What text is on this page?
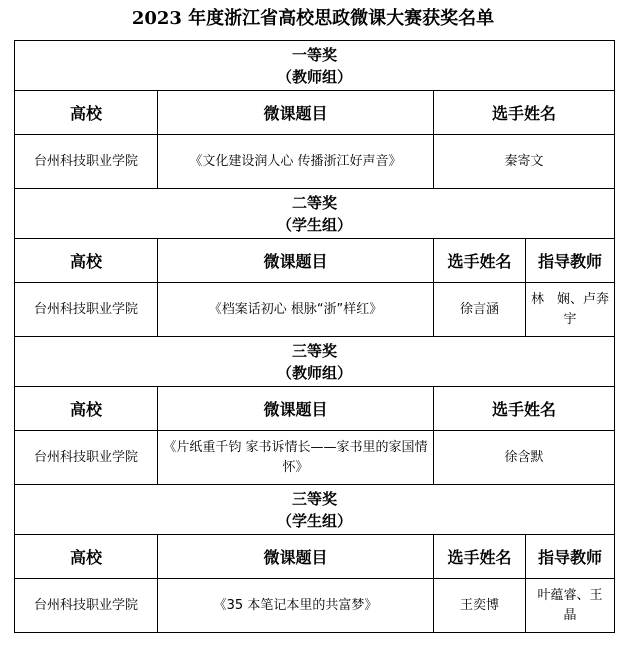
2023 年度浙江省高校思政微课大赛获奖名单
一等奖
（教师组）			

高校	微课题目	选手姓名	
台州科技职业学院	《文化建设润人心 传播浙江好声音》	秦寄文	

二等奖
（学生组）			

高校	微课题目	选手姓名	指导教师
台州科技职业学院	《档案话初心 根脉“浙”样红》	徐言涵	林　娴、卢奔宇

三等奖
（教师组）			

高校	微课题目	选手姓名	
台州科技职业学院	《片纸重千钧 家书诉情长——家书里的家国情怀》	徐含默	

三等奖
（学生组）			

高校	微课题目	选手姓名	指导教师
台州科技职业学院	《35 本笔记本里的共富梦》	王奕博	叶蕴睿、王　晶
